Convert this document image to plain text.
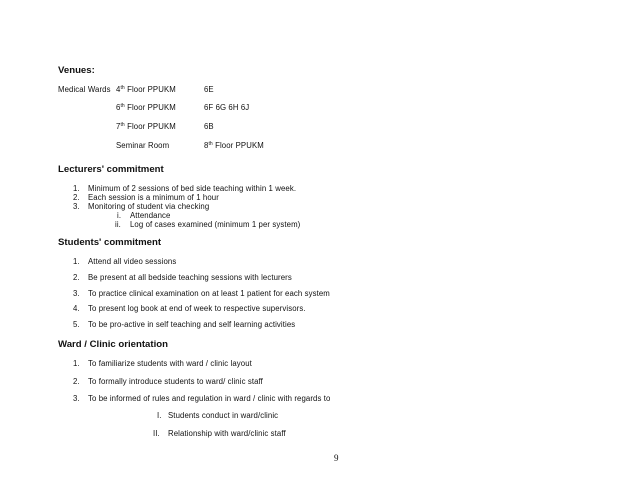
Venues:
Medical Wards 4th Floor PPUKM	6E
6th Floor PPUKM	6F 6G 6H 6J
7th Floor PPUKM	6B
Seminar Room	8th Floor PPUKM
Lecturers' commitment
1. Minimum of 2 sessions of bed side teaching within 1 week.
2. Each session is a minimum of 1 hour
3. Monitoring of student via checking
i. Attendance
ii. Log of cases examined (minimum 1 per system)
Students' commitment
1. Attend all video sessions
2. Be present at all bedside teaching sessions with lecturers
3. To practice clinical examination on at least 1 patient for each system
4. To present log book at end of week to respective supervisors.
5. To be pro-active in self teaching and self learning activities
Ward / Clinic orientation
1. To familiarize students with ward / clinic layout
2. To formally introduce students to ward/ clinic staff
3. To be informed of rules and regulation in ward / clinic with regards to
I. Students conduct in ward/clinic
II. Relationship with ward/clinic staff
9
